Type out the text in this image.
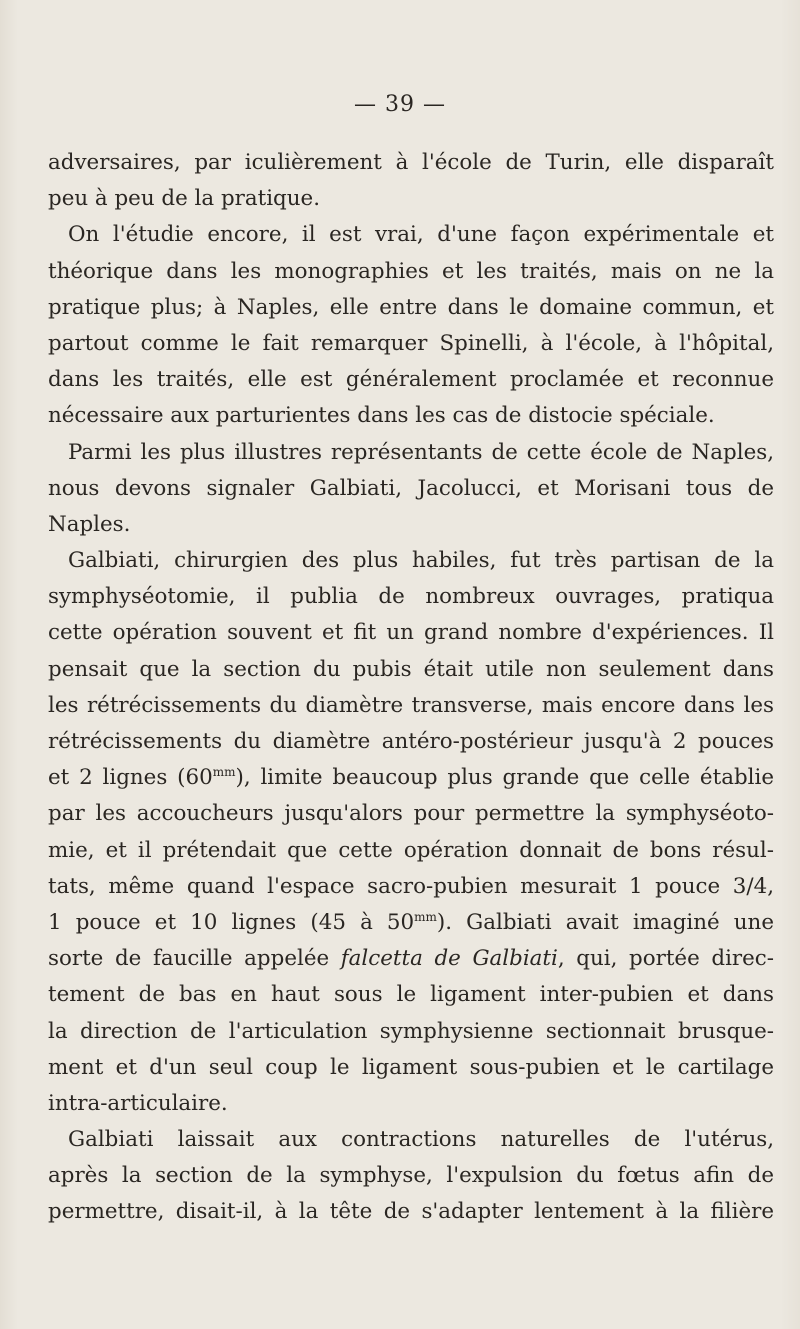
— 39 —
adversaires, par iculièrement à l'école de Turin, elle disparaît
peu à peu de la pratique.
On l'étudie encore, il est vrai, d'une façon expérimentale et
théorique dans les monographies et les traités, mais on ne la
pratique plus; à Naples, elle entre dans le domaine commun, et
partout comme le fait remarquer Spinelli, à l'école, à l'hôpital,
dans les traités, elle est généralement proclamée et reconnue
nécessaire aux parturientes dans les cas de distocie spéciale.
Parmi les plus illustres représentants de cette école de Naples,
nous devons signaler Galbiati, Jacolucci, et Morisani tous de
Naples.
Galbiati, chirurgien des plus habiles, fut très partisan de la
symphyséotomie, il publia de nombreux ouvrages, pratiqua
cette opération souvent et fit un grand nombre d'expériences. Il
pensait que la section du pubis était utile non seulement dans
les rétrécissements du diamètre transverse, mais encore dans les
rétrécissements du diamètre antéro-postérieur jusqu'à 2 pouces
et 2 lignes $(60^{mm})$, limite beaucoup plus grande que celle établie
par les accoucheurs jusqu'alors pour permettre la symphyséoto-
mie, et il prétendait que cette opération donnait de bons résul-
tats, même quand l'espace sacro-pubien mesurait 1 pouce 3/4,
1 pouce et 10 lignes (45 à $50^{mm}$). Galbiati avait imaginé une
sorte de faucille appelée falcetta de Galbiati, qui, portée direc-
tement de bas en haut sous le ligament inter-pubien et dans
la direction de l'articulation symphysienne sectionnait brusque-
ment et d'un seul coup le ligament sous-pubien et le cartilage
intra-articulaire.
Galbiati laissait aux contractions naturelles de l'utérus,
après la section de la symphyse, l'expulsion du fœtus afin de
permettre, disait-il, à la tête de s'adapter lentement à la filière
